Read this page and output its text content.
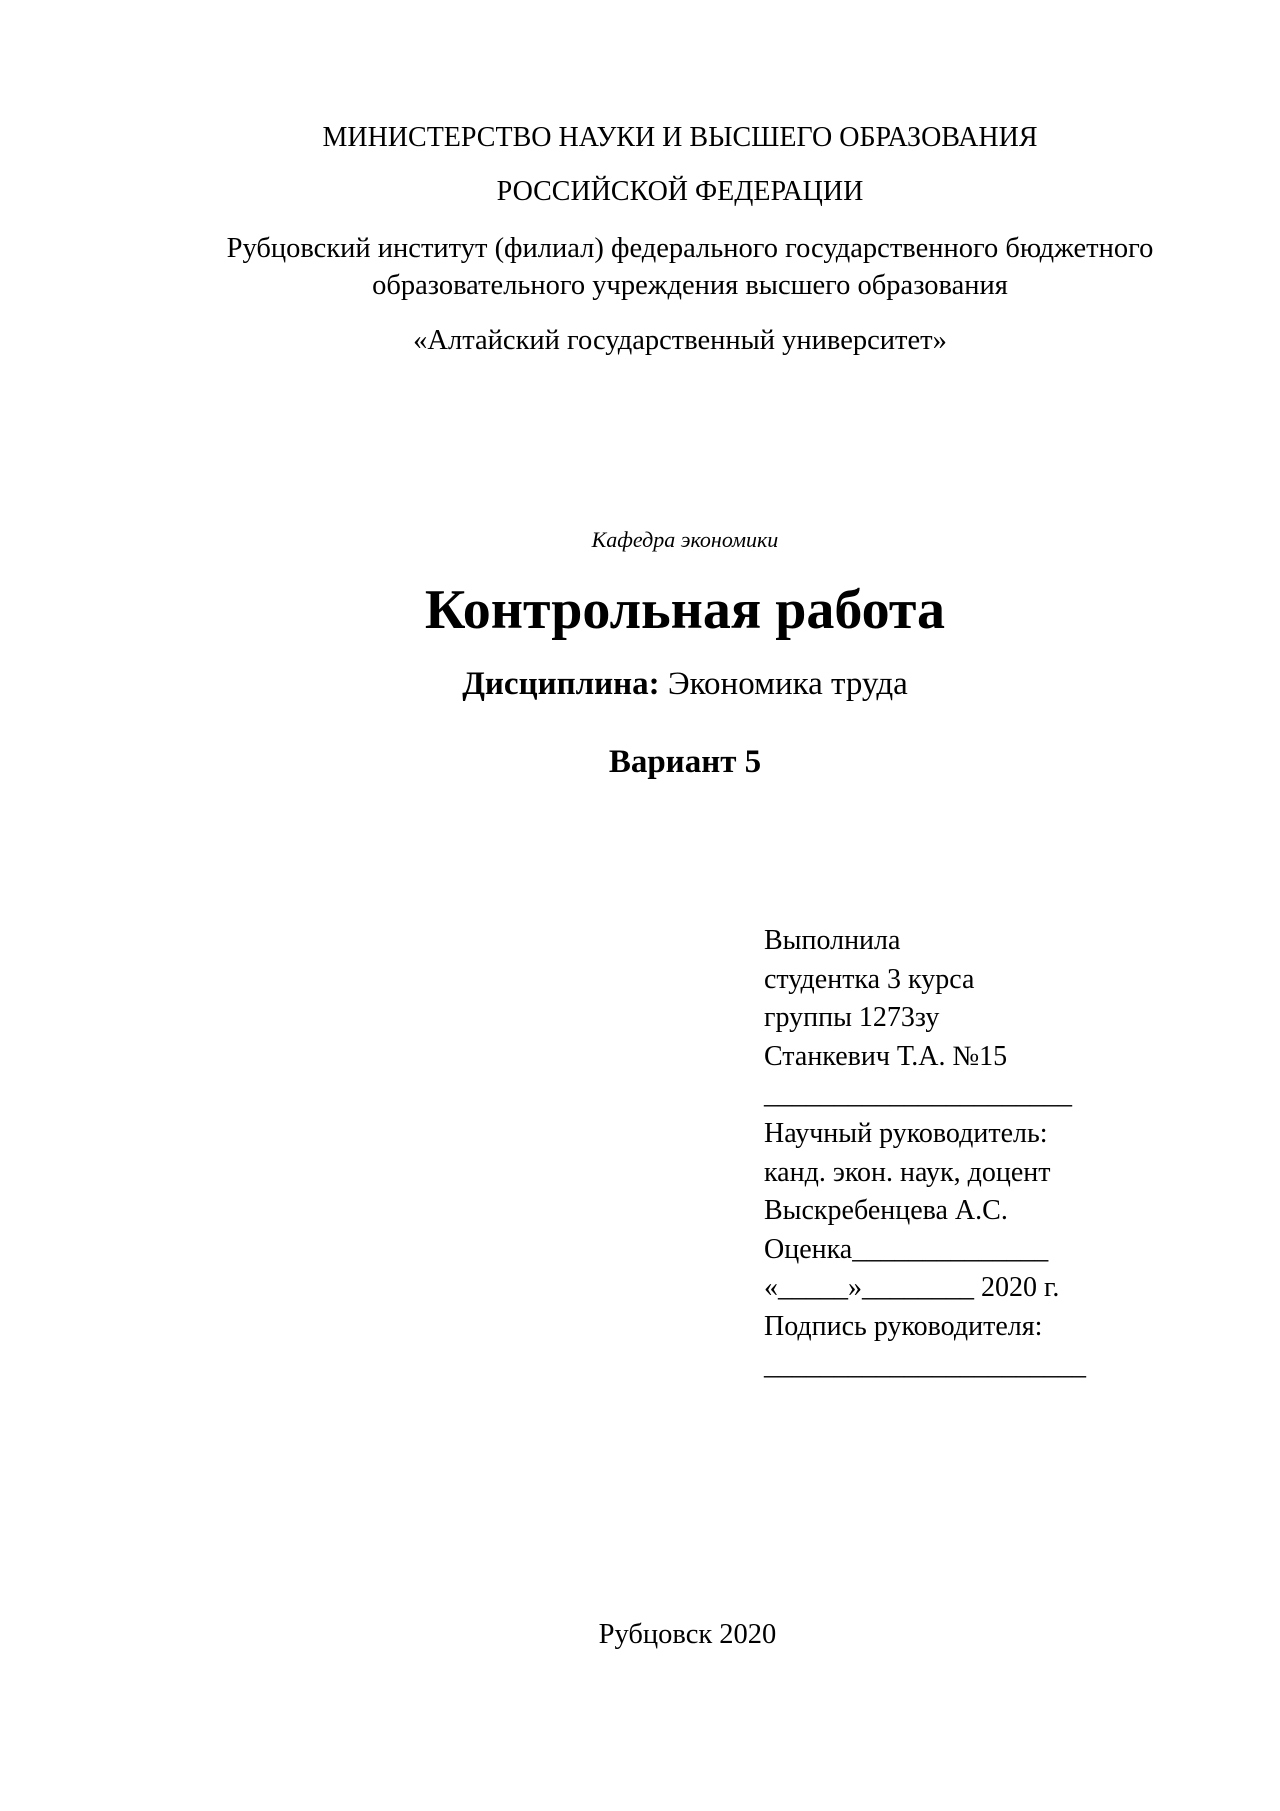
МИНИСТЕРСТВО НАУКИ И ВЫСШЕГО ОБРАЗОВАНИЯ
РОССИЙСКОЙ ФЕДЕРАЦИИ
Рубцовский институт (филиал) федерального государственного бюджетного
образовательного учреждения высшего образования
«Алтайский государственный университет»
Кафедра экономики
Контрольная работа
Дисциплина: Экономика труда
Вариант 5
Выполнила
студентка 3 курса
группы 1273зу
Станкевич Т.А. №15
______________________
Научный руководитель:
канд. экон. наук, доцент
Выскребенцева А.С.
Оценка______________
«_____»________ 2020 г.
Подпись руководителя:
_______________________
Рубцовск 2020
